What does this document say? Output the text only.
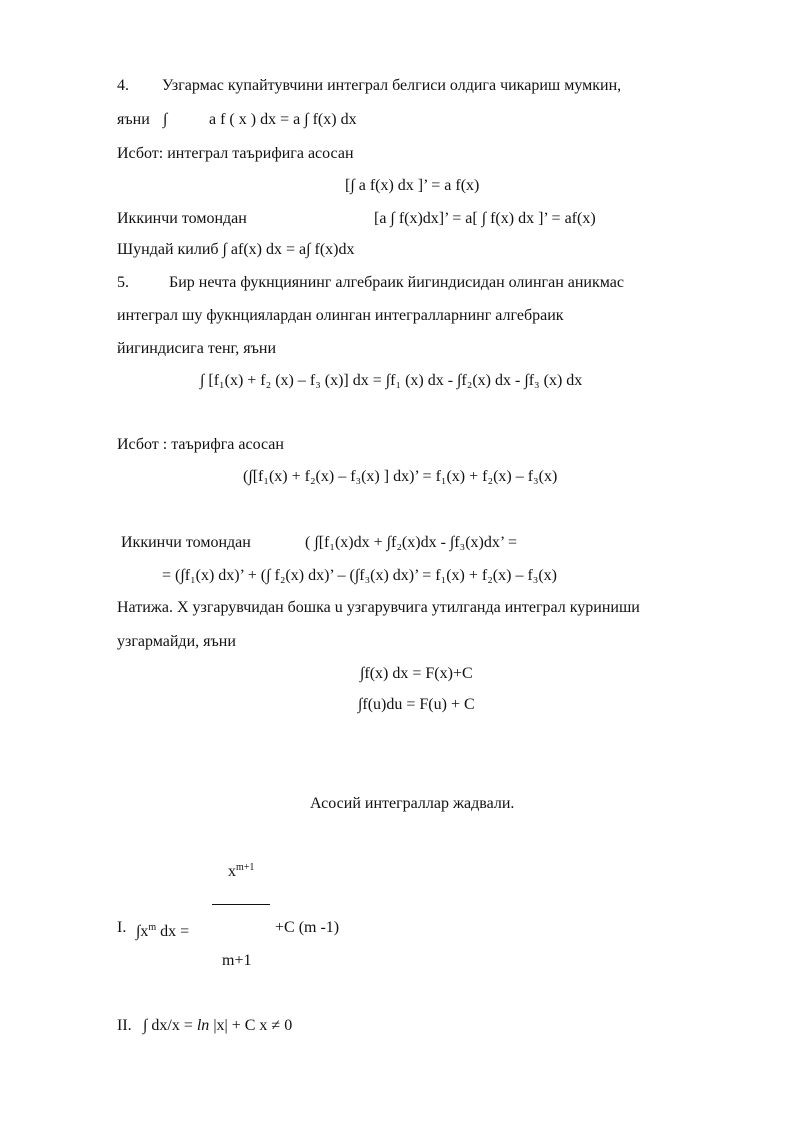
4. Узгармас купайтувчини интеграл белгиси олдига чикариш мумкин,
яъни ∫	a f ( x ) dx = a ∫ f(x) dx
Исбот: интеграл таърифига асосан
[∫ a f(x) dx ]’ = a f(x)
Иккинчи томондан	[a ∫ f(x)dx]’ = a[ ∫ f(x) dx ]’ = af(x)
Шундай килиб ∫ af(x) dx = a∫ f(x)dx
5.	Бир нечта фукнциянинг алгебраик йигиндисидан олинган аникмас
интеграл шу фукнциялардан олинган интегралларнинг алгебраик
йигиндисига тенг, яъни
∫ [f₁(x) + f₂ (x) – f₃ (x)] dx = ∫f₁ (x) dx - ∫f₂(x) dx - ∫f₃ (x) dx
Исбот : таърифга асосан
(∫[f₁(x) + f₂(x) – f₃(x) ] dx)’ = f₁(x) + f₂(x) – f₃(x)
Иккинчи томондан	( ∫[f₁(x)dx + ∫f₂(x)dx - ∫f₃(x)dx’ =
= (∫f₁(x) dx)’ + (∫ f₂(x) dx)’ – (∫f₃(x) dx)’ = f₁(x) + f₂(x) – f₃(x)
Натижа. Х узгарувчидан бошка u узгарувчига утилганда интеграл куриниши
узгармайди, яъни
∫f(x) dx = F(x)+C
∫f(u)du = F(u) + C
Асосий интеграллар жадвали.
$x^{m+1}$
I. $\int x^m$ dx =	+C (m -1)
m+1
II. ∫ dx/x = ln |x| + C x ≠ 0
